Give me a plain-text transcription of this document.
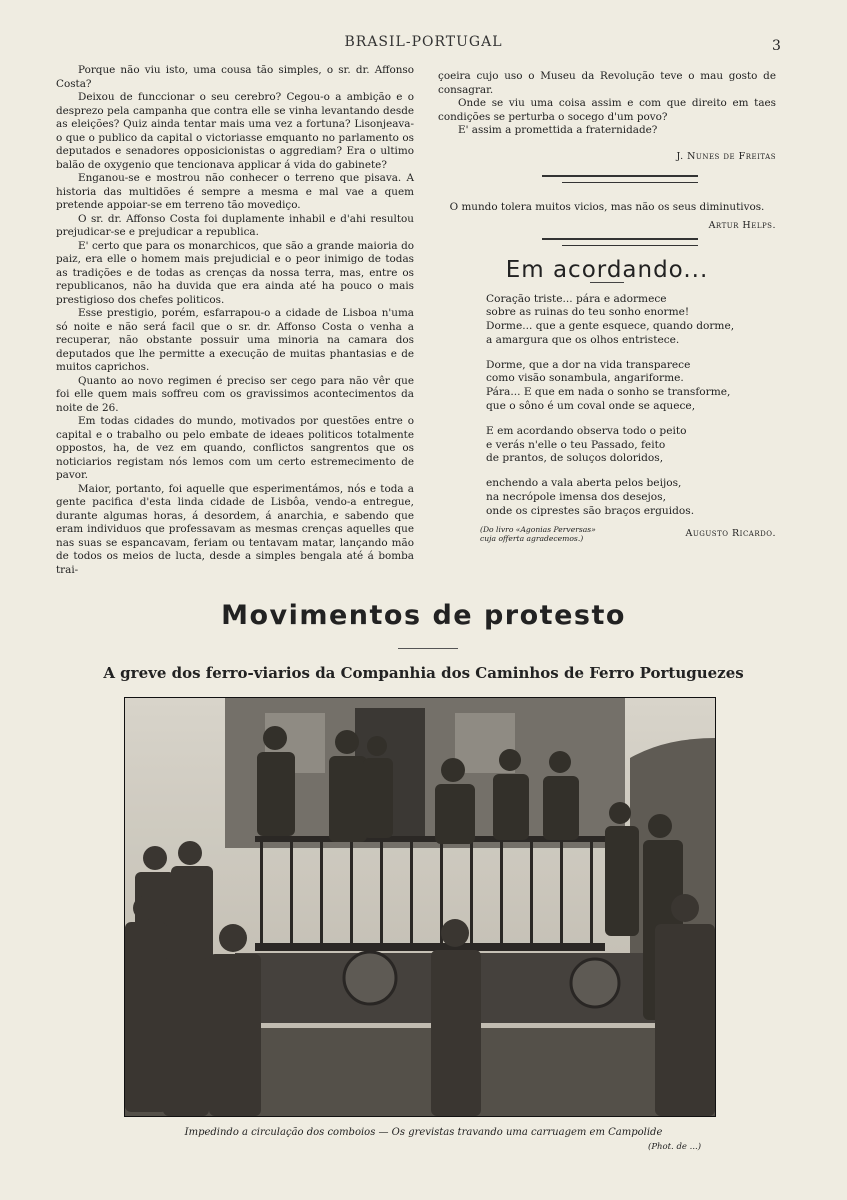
BRASIL-PORTUGAL	3

Porque não viu isto, uma cousa tão simples, o sr. dr. Affonso Costa?

Deixou de funccionar o seu cerebro? Cegou-o a ambição e o desprezo pela campanha que contra elle se vinha levantando desde as eleições? Quiz ainda tentar mais uma vez a fortuna? Lisonjeava-o que o publico da capital o victoriasse emquanto no parlamento os deputados e senadores opposicionistas o aggrediam? Era o ultimo balão de oxygenio que tencionava applicar á vida do gabinete?

Enganou-se e mostrou não conhecer o terreno que pisava. A historia das multidões é sempre a mesma e mal vae a quem pretende appoiar-se em terreno tão movediço.

O sr. dr. Affonso Costa foi duplamente inhabil e d'ahi resultou prejudicar-se e prejudicar a republica.

E' certo que para os monarchicos, que são a grande maioria do paiz, era elle o homem mais prejudicial e o peor inimigo de todas as tradições e de todas as crenças da nossa terra, mas, entre os republicanos, não ha duvida que era ainda até ha pouco o mais prestigioso dos chefes politicos.

Esse prestigio, porém, esfarrapou-o a cidade de Lisboa n'uma só noite e não será facil que o sr. dr. Affonso Costa o venha a recuperar, não obstante possuir uma minoria na camara dos deputados que lhe permitte a execução de muitas phantasias e de muitos caprichos.

Quanto ao novo regimen é preciso ser cego para não vêr que foi elle quem mais soffreu com os gravissimos acontecimentos da noite de 26.

Em todas cidades do mundo, motivados por questões entre o capital e o trabalho ou pelo embate de ideaes politicos totalmente oppostos, ha, de vez em quando, conflictos sangrentos que os noticiarios registam nós lemos com um certo estremecimento de pavor.

Maior, portanto, foi aquelle que esperimentámos, nós e toda a gente pacifica d'esta linda cidade de Lisbôa, vendo-a entregue, durante algumas horas, á desordem, á anarchia, e sabendo que eram individuos que professavam as mesmas crenças aquelles que nas suas se espancavam, feriam ou tentavam matar, lançando mão de todos os meios de lucta, desde a simples bengala até á bomba trai-

çoeira cujo uso o Museu da Revolução teve o mau gosto de consagrar.

Onde se viu uma coisa assim e com que direito em taes condições se perturba o socego d'um povo?

E' assim a promettida a fraternidade?

J. Nunes de Freitas
O mundo tolera muitos vicios, mas não os seus diminutivos.
Artur Helps.
Em acordando...
Coração triste... pára e adormece
sobre as ruinas do teu sonho enorme!
Dorme... que a gente esquece, quando dorme,
a amargura que os olhos entristece.
Dorme, que a dor na vida transparece
como visão sonambula, angariforme.
Pára... E que em nada o sonho se transforme,
que o sôno é um coval onde se aquece,
E em acordando observa todo o peito
e verás n'elle o teu Passado, feito
de prantos, de soluços doloridos,
enchendo a vala aberta pelos beijos,
na necrópole imensa dos desejos,
onde os ciprestes são braços erguidos.
(Do livro «Agonias Perversas»
cuja offerta agradecemos.)	Augusto Ricardo.
Movimentos de protesto
A greve dos ferro-viarios da Companhia dos Caminhos de Ferro Portuguezes
Impedindo a circulação dos comboios — Os grevistas travando uma carruagem em Campolide
(Phot. de ...)
